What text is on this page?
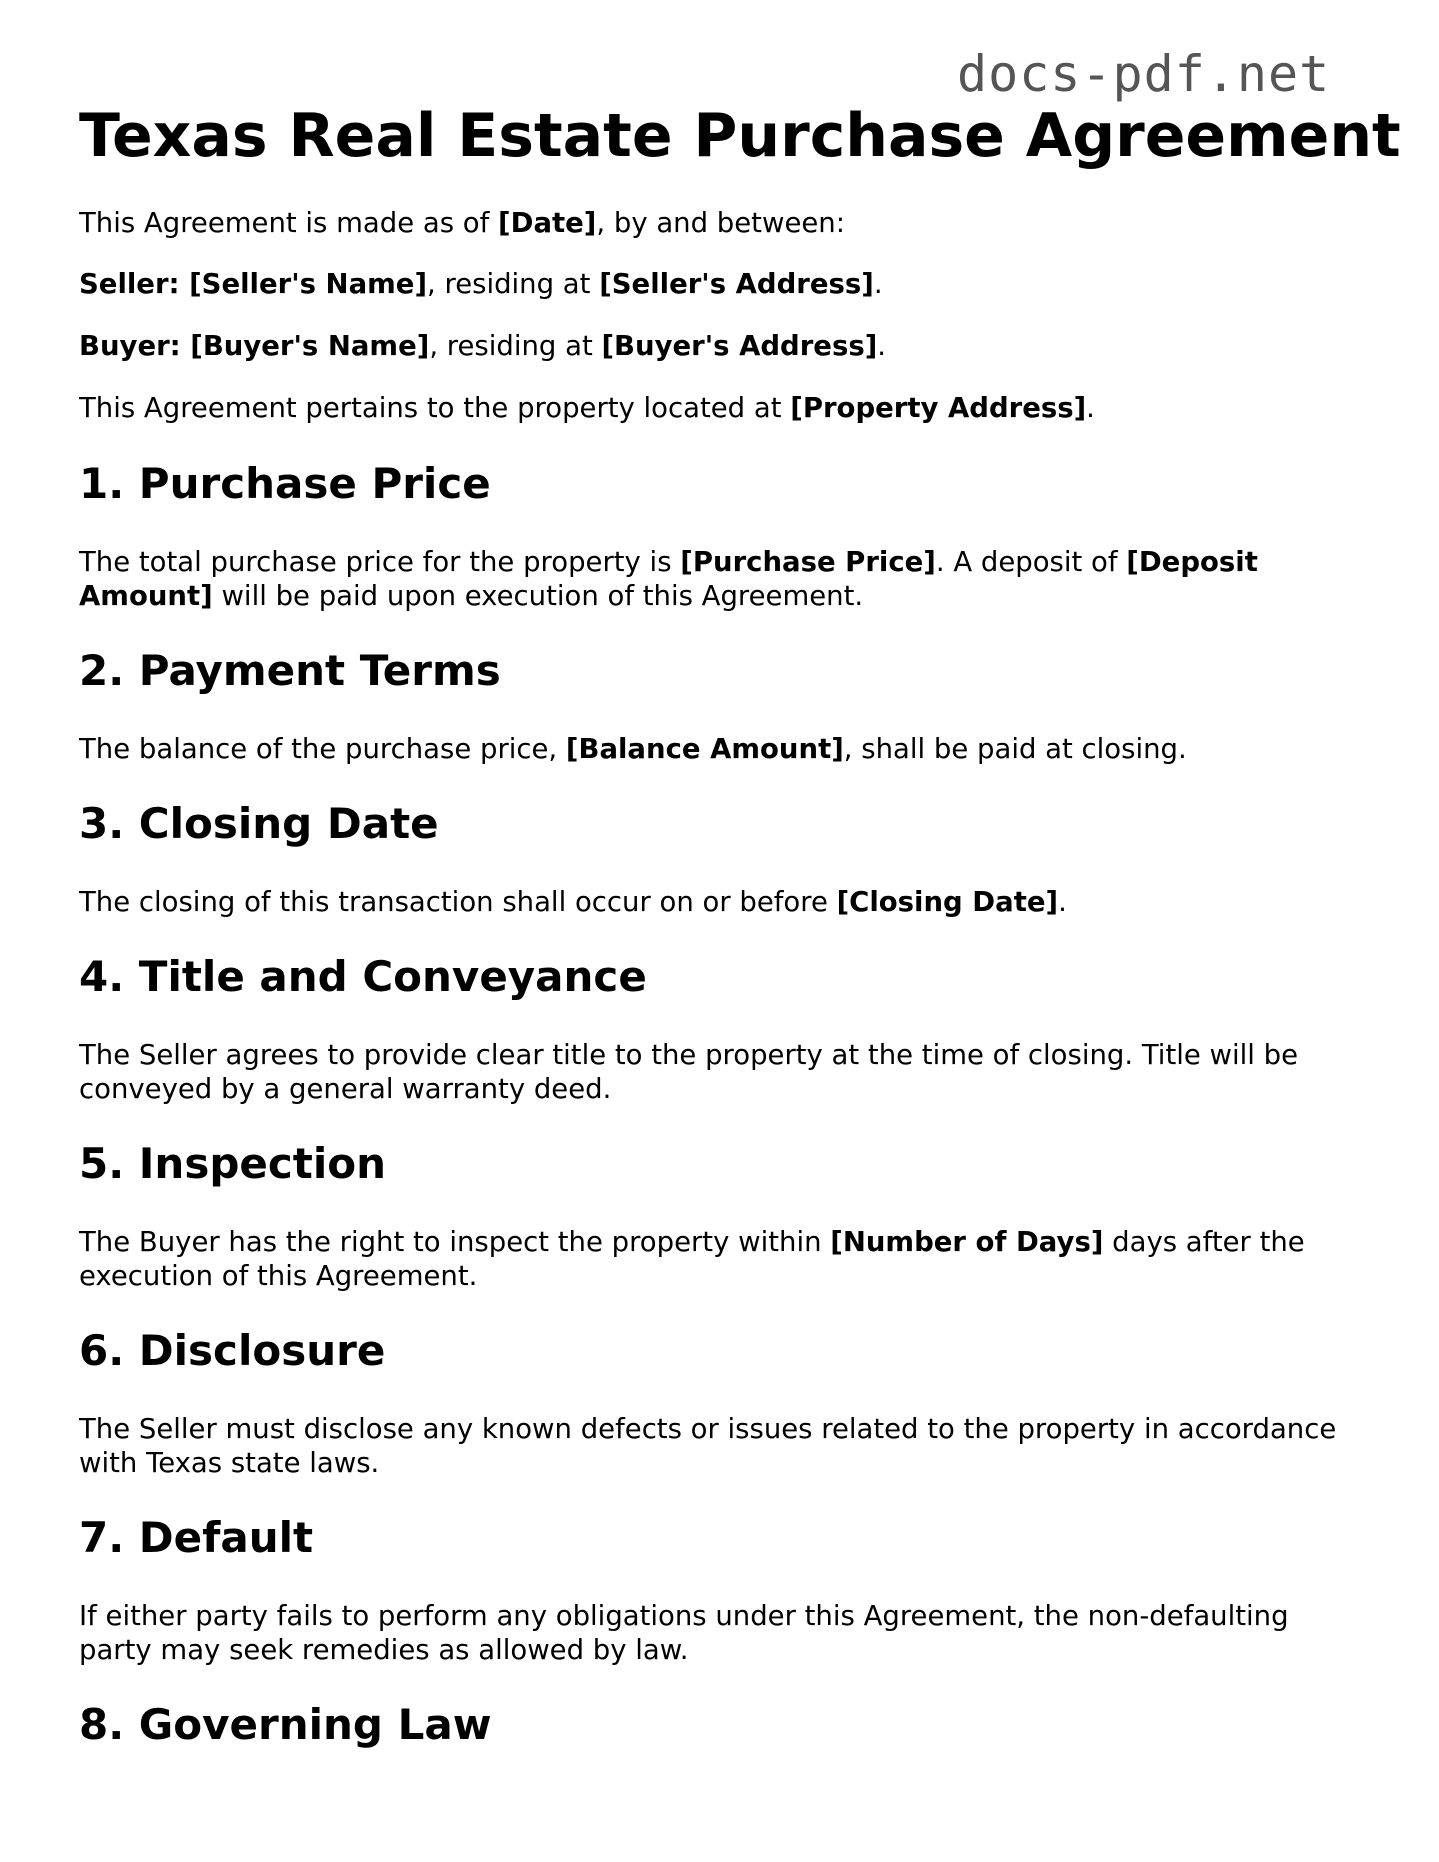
docs-pdf.net
Texas Real Estate Purchase Agreement

This Agreement is made as of [Date], by and between:

Seller: [Seller's Name], residing at [Seller's Address].

Buyer: [Buyer's Name], residing at [Buyer's Address].

This Agreement pertains to the property located at [Property Address].

1. Purchase Price

The total purchase price for the property is [Purchase Price]. A deposit of [Deposit Amount] will be paid upon execution of this Agreement.

2. Payment Terms

The balance of the purchase price, [Balance Amount], shall be paid at closing.

3. Closing Date

The closing of this transaction shall occur on or before [Closing Date].

4. Title and Conveyance

The Seller agrees to provide clear title to the property at the time of closing. Title will be conveyed by a general warranty deed.

5. Inspection

The Buyer has the right to inspect the property within [Number of Days] days after the execution of this Agreement.

6. Disclosure

The Seller must disclose any known defects or issues related to the property in accordance with Texas state laws.

7. Default

If either party fails to perform any obligations under this Agreement, the non-defaulting party may seek remedies as allowed by law.

8. Governing Law
